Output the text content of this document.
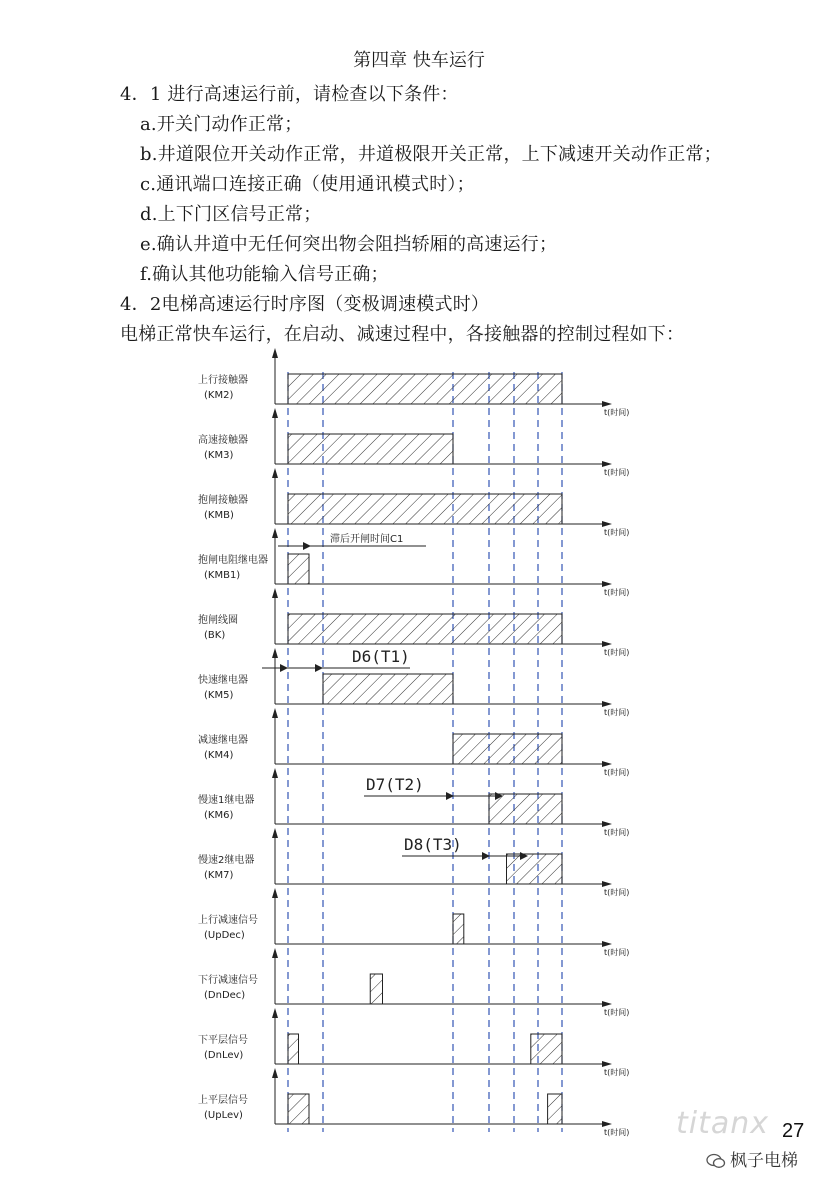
第四章 快车运行
4．1 进行高速运行前，请检查以下条件：
a.开关门动作正常；
b.井道限位开关动作正常，井道极限开关正常，上下减速开关动作正常；
c.通讯端口连接正确（使用通讯模式时）；
d.上下门区信号正常；
e.确认井道中无任何突出物会阻挡轿厢的高速运行；
f.确认其他功能输入信号正确；
4．2电梯高速运行时序图（变极调速模式时）
电梯正常快车运行，在启动、减速过程中，各接触器的控制过程如下：
t(时间)
上行接触器
(KM2)
t(时间)
高速接触器
(KM3)
t(时间)
抱闸接触器
(KMB)
t(时间)
抱闸电阻继电器
(KMB1)
t(时间)
抱闸线圈
(BK)
t(时间)
快速继电器
(KM5)
t(时间)
减速继电器
(KM4)
t(时间)
慢速1继电器
(KM6)
t(时间)
慢速2继电器
(KM7)
t(时间)
上行减速信号
(UpDec)
t(时间)
下行减速信号
(DnDec)
t(时间)
下平层信号
(DnLev)
t(时间)
上平层信号
(UpLev)
滞后开闸时间C1
D6(T1)
D7(T2)
D8(T3)
titanx 27
枫子电梯
